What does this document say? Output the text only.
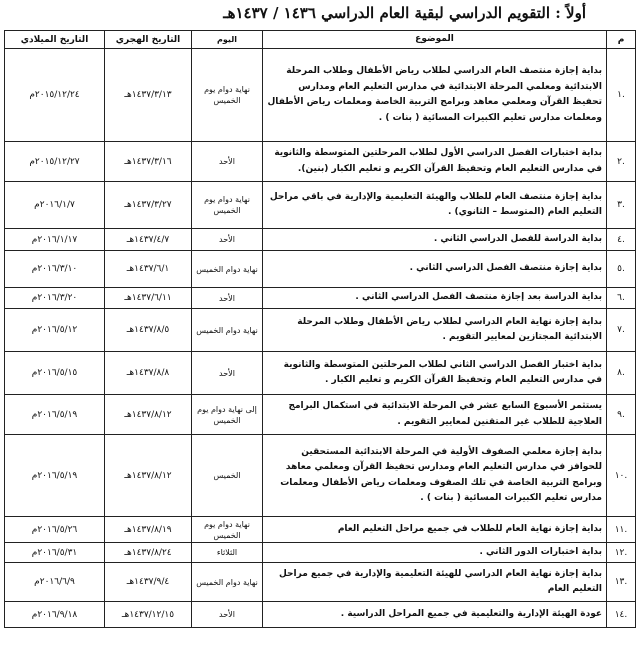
أولاً : التقويم الدراسي لبقية العام الدراسي ١٤٣٦ / ١٤٣٧هـ
م	الموضوع	اليوم	التاريخ الهجري	التاريخ الميلادي
.١	بداية إجازة منتصف العام الدراسي لطلاب رياض الأطفال وطلاب المرحلة الابتدائية ومعلمي المرحلة الابتدائية في مدارس التعليم العام ومدارس تحفيظ القرآن ومعلمي معاهد وبرامج التربية الخاصة ومعلمات رياض الأطفال ومعلمات مدارس تعليم الكبيرات المسائية ( بنات ) .	نهاية دوام يوم الخميس	١٤٣٧/٣/١٣هـ	٢٠١٥/١٢/٢٤م
.٢	بداية اختبارات الفصل الدراسي الأول لطلاب المرحلتين المتوسطة والثانوية في مدارس التعليم العام وتحفيظ القرآن الكريم و تعليم الكبار (بنين).	الأحد	١٤٣٧/٣/١٦هـ	٢٠١٥/١٢/٢٧م
.٣	بداية إجازة منتصف العام للطلاب والهيئة التعليمية والإدارية في باقي مراحل التعليم العام (المتوسط – الثانوي) .	نهاية دوام يوم الخميس	١٤٣٧/٣/٢٧هـ	٢٠١٦/١/٧م
.٤	بداية الدراسة للفصل الدراسي الثاني .	الأحد	١٤٣٧/٤/٧هـ	٢٠١٦/١/١٧م
.٥	بداية إجازة منتصف الفصل الدراسي الثاني .	نهاية دوام الخميس	١٤٣٧/٦/١هـ	٢٠١٦/٣/١٠م
.٦	بداية الدراسة بعد إجازة منتصف الفصل الدراسي الثاني .	الأحد	١٤٣٧/٦/١١هـ	٢٠١٦/٣/٢٠م
.٧	بداية إجازة نهاية العام الدراسي لطلاب رياض الأطفال وطلاب المرحلة الابتدائية المجتازين لمعايير التقويم .	نهاية دوام الخميس	١٤٣٧/٨/٥هـ	٢٠١٦/٥/١٢م
.٨	بداية اختبار الفصل الدراسي الثاني لطلاب المرحلتين المتوسطة والثانوية في مدارس التعليم العام وتحفيظ القرآن الكريم و تعليم الكبار .	الأحد	١٤٣٧/٨/٨هـ	٢٠١٦/٥/١٥م
.٩	يستثمر الأسبوع السابع عشر في المرحلة الابتدائية في استكمال البرامج العلاجية للطلاب غير المتقنين لمعايير التقويم .	إلى نهاية دوام يوم الخميس	١٤٣٧/٨/١٢هـ	٢٠١٦/٥/١٩م
.١٠	بداية إجازة معلمي الصفوف الأولية في المرحلة الابتدائية المستحقين للحوافز في مدارس التعليم العام ومدارس تحفيظ القرآن ومعلمي معاهد وبرامج التربية الخاصة في تلك الصفوف ومعلمات رياض الأطفال ومعلمات مدارس تعليم الكبيرات المسائية ( بنات ) .	الخميس	١٤٣٧/٨/١٢هـ	٢٠١٦/٥/١٩م
.١١	بداية إجازة نهاية العام للطلاب في جميع مراحل التعليم العام	نهاية دوام يوم الخميس	١٤٣٧/٨/١٩هـ	٢٠١٦/٥/٢٦م
.١٢	بداية اختبارات الدور الثاني .	الثلاثاء	١٤٣٧/٨/٢٤هـ	٢٠١٦/٥/٣١م
.١٣	بداية إجازة نهاية العام الدراسي للهيئة التعليمية والإدارية في جميع مراحل التعليم العام	نهاية دوام الخميس	١٤٣٧/٩/٤هـ	٢٠١٦/٦/٩م
.١٤	عودة الهيئة الإدارية والتعليمية في جميع المراحل الدراسية .	الأحد	١٤٣٧/١٢/١٥هـ	٢٠١٦/٩/١٨م
